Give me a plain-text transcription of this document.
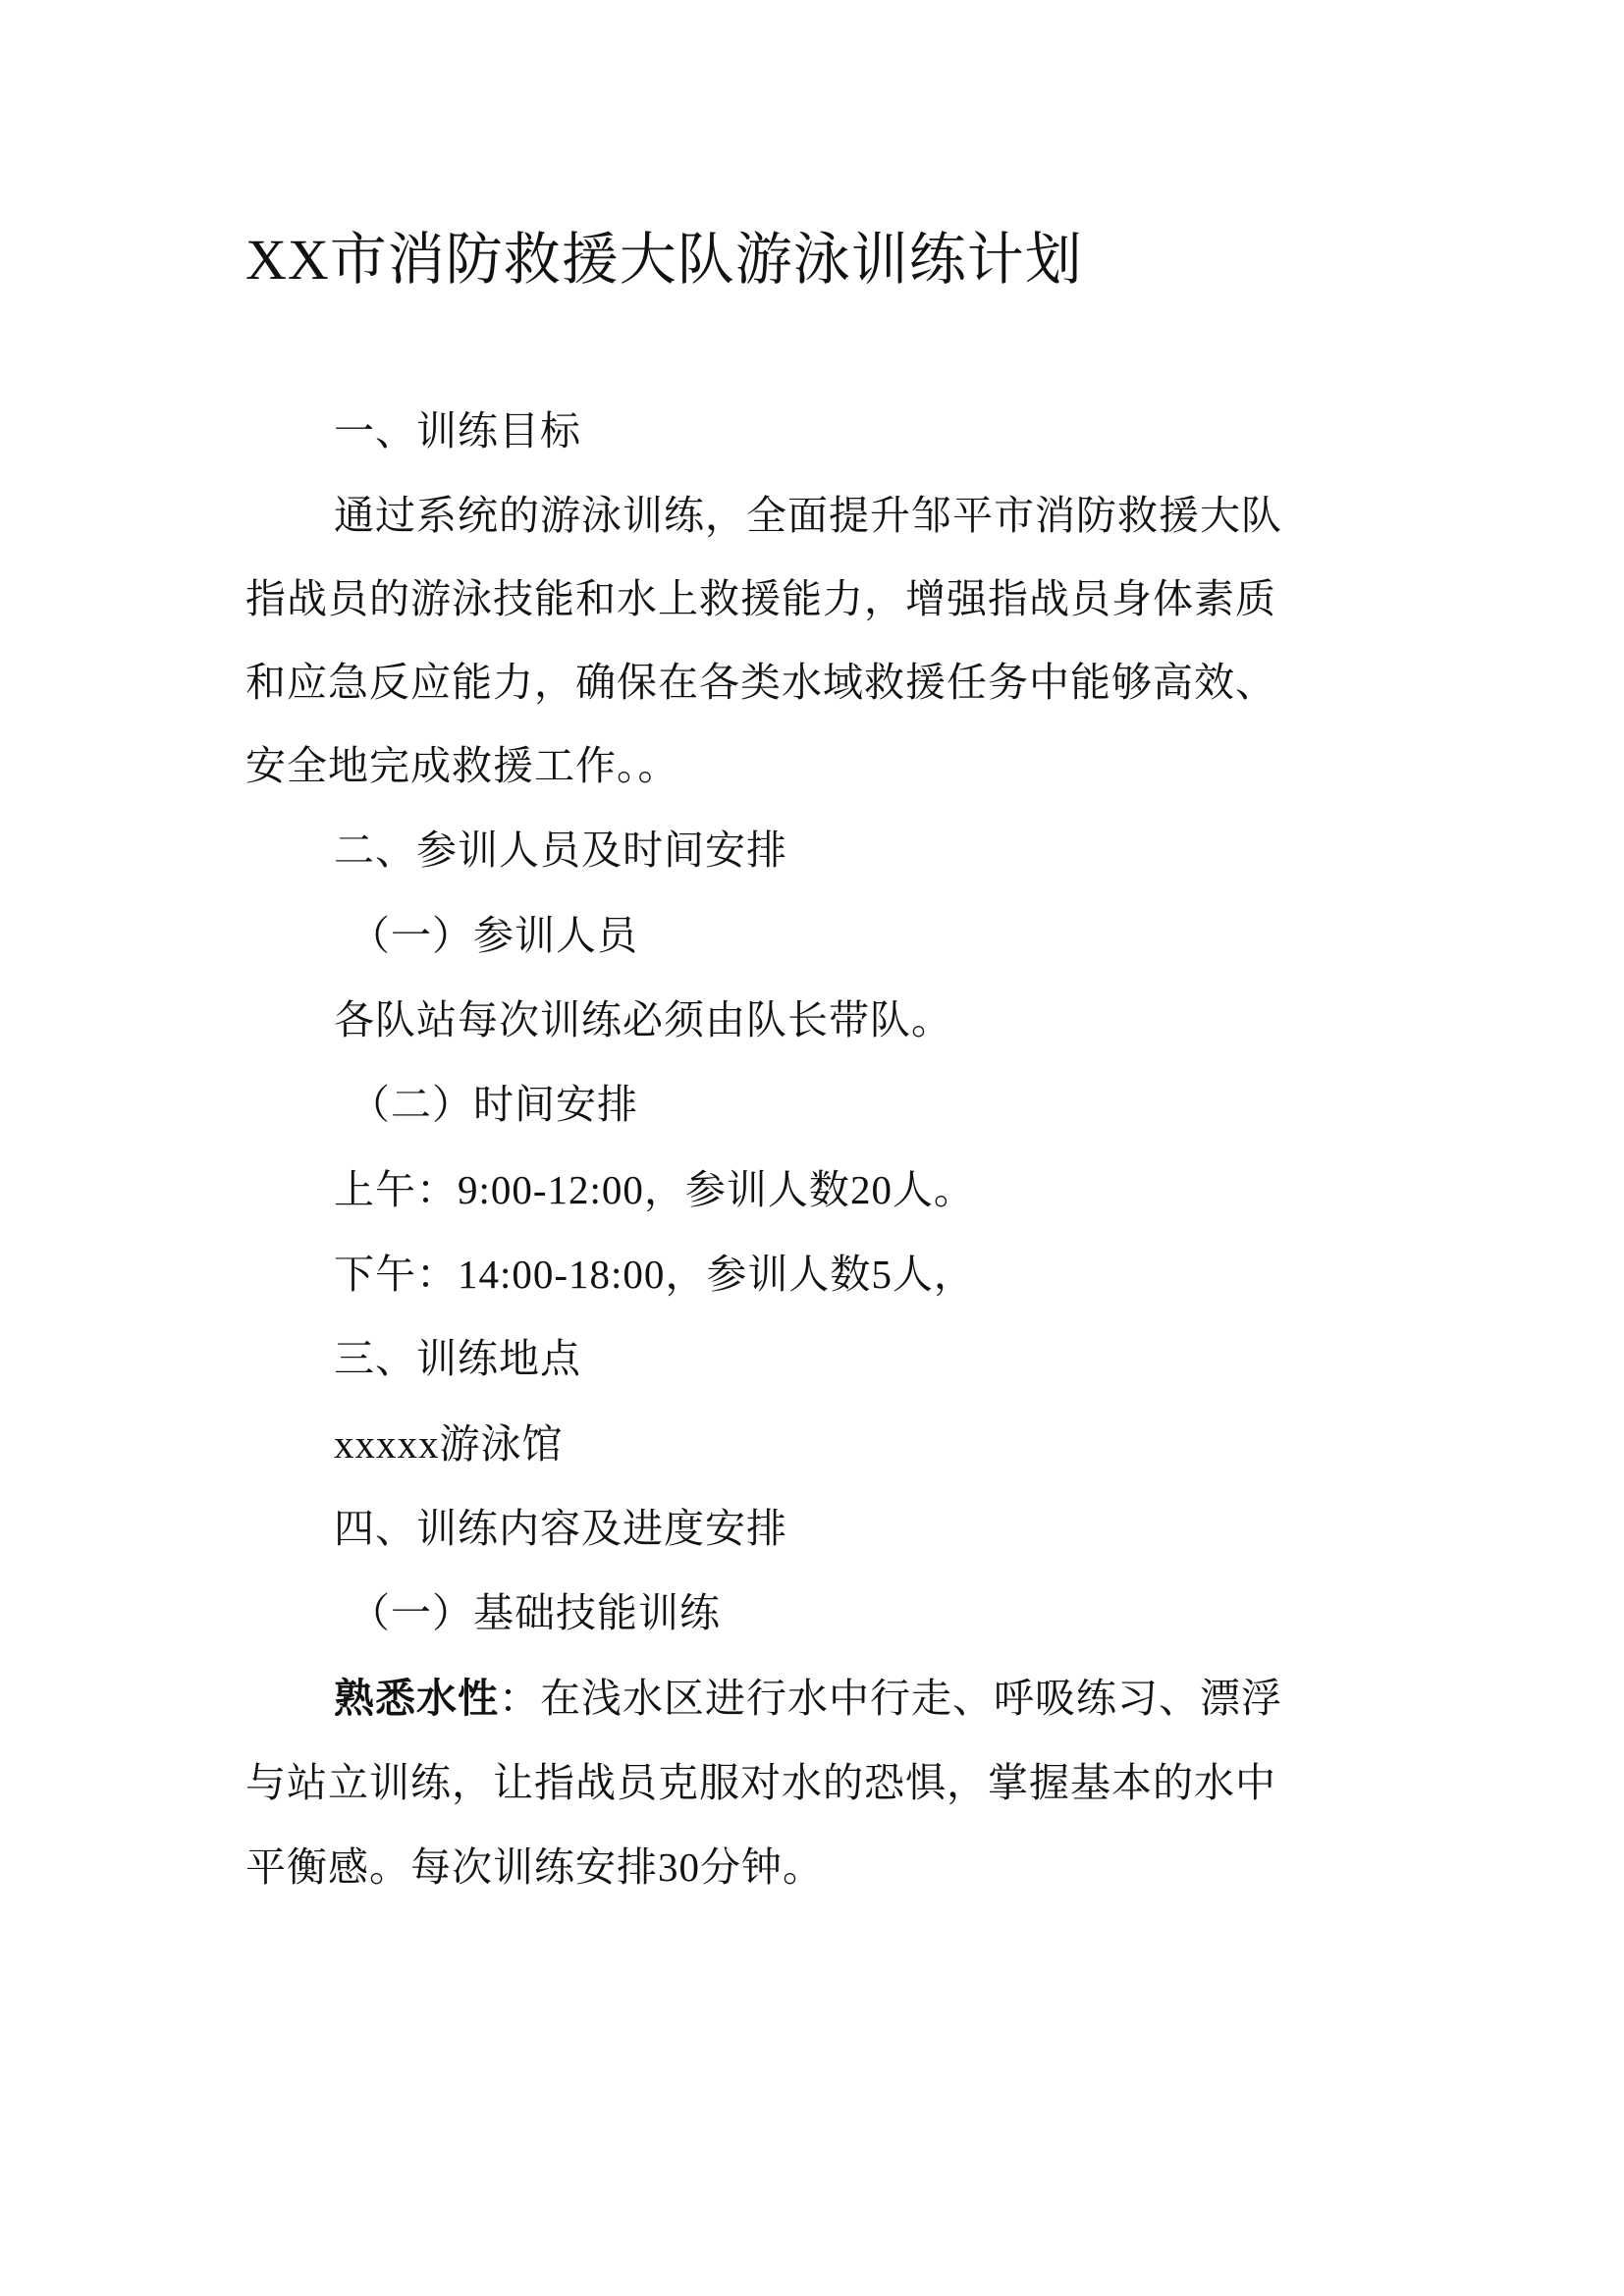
XX市消防救援大队游泳训练计划
一、训练目标
通过系统的游泳训练，全面提升邹平市消防救援大队
指战员的游泳技能和水上救援能力，增强指战员身体素质
和应急反应能力，确保在各类水域救援任务中能够高效、
安全地完成救援工作。。
二、参训人员及时间安排
（一）参训人员
各队站每次训练必须由队长带队。
（二）时间安排
上午：9:00-12:00，参训人数20人。
下午：14:00-18:00，参训人数5人，
三、训练地点
xxxxx游泳馆
四、训练内容及进度安排
（一）基础技能训练
熟悉水性：在浅水区进行水中行走、呼吸练习、漂浮
与站立训练，让指战员克服对水的恐惧，掌握基本的水中
平衡感。每次训练安排30分钟。
